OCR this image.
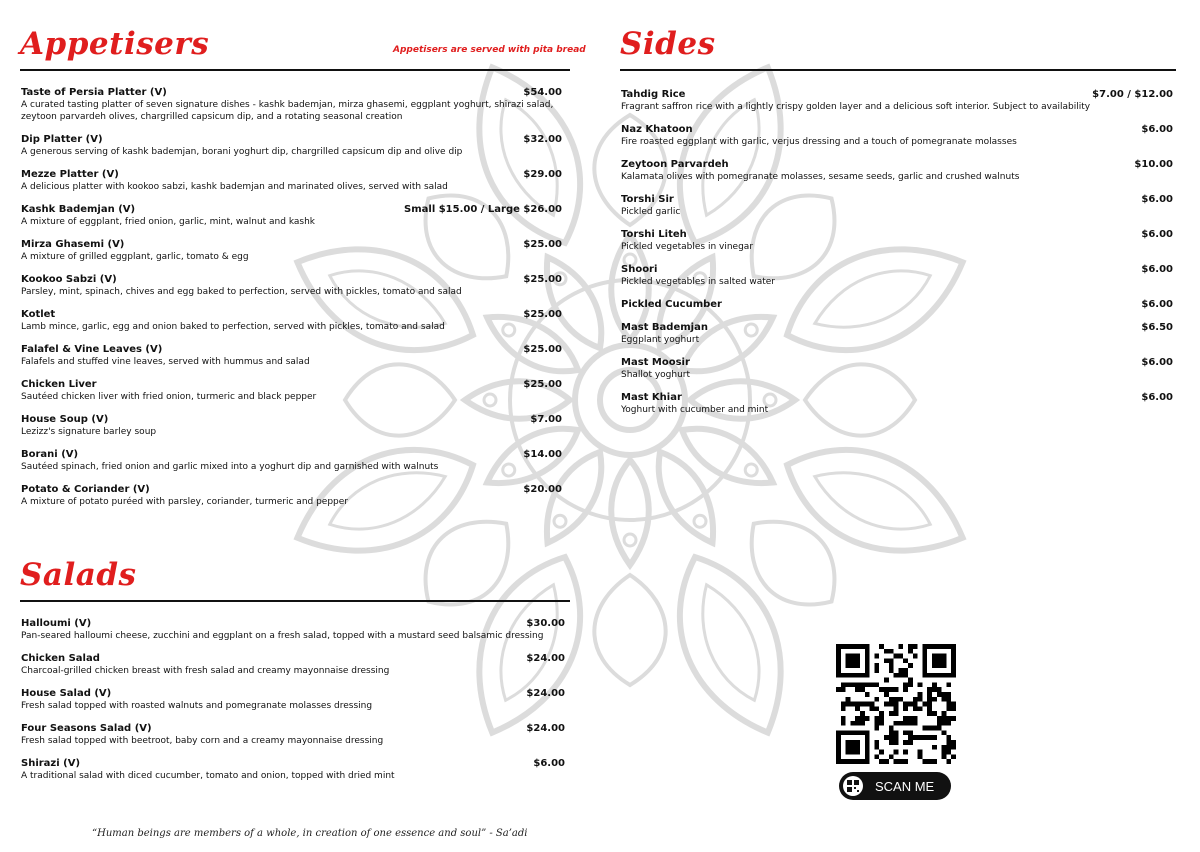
Appetisers	Appetisers are served with pita bread
Taste of Persia Platter (V)	$54.00
A curated tasting platter of seven signature dishes - kashk bademjan, mirza ghasemi, eggplant yoghurt, shirazi salad, zeytoon parvardeh olives, chargrilled capsicum dip, and a rotating seasonal creation
Dip Platter (V)	$32.00
A generous serving of kashk bademjan, borani yoghurt dip, chargrilled capsicum dip and olive dip
Mezze Platter (V)	$29.00
A delicious platter with kookoo sabzi, kashk bademjan and marinated olives, served with salad
Kashk Bademjan (V)	Small $15.00 / Large $26.00
A mixture of eggplant, fried onion, garlic, mint, walnut and kashk
Mirza Ghasemi (V)	$25.00
A mixture of grilled eggplant, garlic, tomato & egg
Kookoo Sabzi (V)	$25.00
Parsley, mint, spinach, chives and egg baked to perfection, served with pickles, tomato and salad
Kotlet	$25.00
Lamb mince, garlic, egg and onion baked to perfection, served with pickles, tomato and salad
Falafel & Vine Leaves (V)	$25.00
Falafels and stuffed vine leaves, served with hummus and salad
Chicken Liver	$25.00
Sautéed chicken liver with fried onion, turmeric and black pepper
House Soup (V)	$7.00
Lezizz's signature barley soup
Borani (V)	$14.00
Sautéed spinach, fried onion and garlic mixed into a yoghurt dip and garnished with walnuts
Potato & Coriander (V)	$20.00
A mixture of potato puréed with parsley, coriander, turmeric and pepper
Salads
Halloumi (V)	$30.00
Pan-seared halloumi cheese, zucchini and eggplant on a fresh salad, topped with a mustard seed balsamic dressing
Chicken Salad	$24.00
Charcoal-grilled chicken breast with fresh salad and creamy mayonnaise dressing
House Salad (V)	$24.00
Fresh salad topped with roasted walnuts and pomegranate molasses dressing
Four Seasons Salad (V)	$24.00
Fresh salad topped with beetroot, baby corn and a creamy mayonnaise dressing
Shirazi (V)	$6.00
A traditional salad with diced cucumber, tomato and onion, topped with dried mint
Sides
Tahdig Rice	$7.00 / $12.00
Fragrant saffron rice with a lightly crispy golden layer and a delicious soft interior. Subject to availability
Naz Khatoon	$6.00
Fire roasted eggplant with garlic, verjus dressing and a touch of pomegranate molasses
Zeytoon Parvardeh	$10.00
Kalamata olives with pomegranate molasses, sesame seeds, garlic and crushed walnuts
Torshi Sir	$6.00
Pickled garlic
Torshi Liteh	$6.00
Pickled vegetables in vinegar
Shoori	$6.00
Pickled vegetables in salted water
Pickled Cucumber	$6.00
Mast Bademjan	$6.50
Eggplant yoghurt
Mast Moosir	$6.00
Shallot yoghurt
Mast Khiar	$6.00
Yoghurt with cucumber and mint
SCAN ME
“Human beings are members of a whole, in creation of one essence and soul” - Sa’adi
